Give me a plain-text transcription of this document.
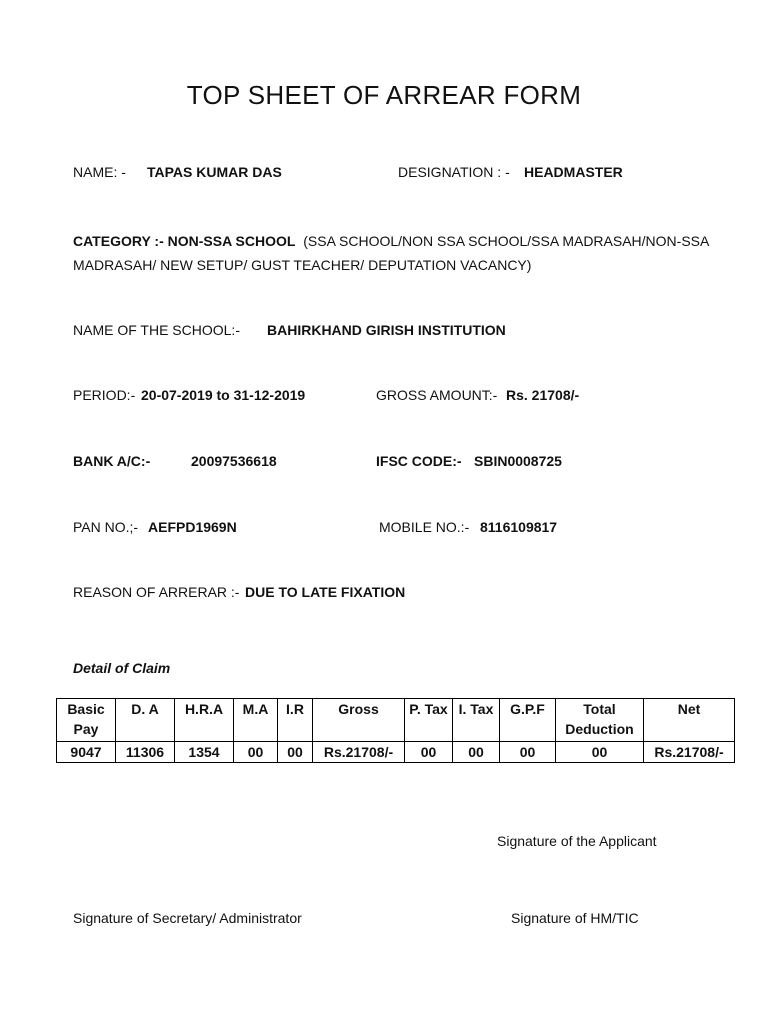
TOP SHEET OF ARREAR FORM
NAME: - TAPAS KUMAR DAS	DESIGNATION : - HEADMASTER
CATEGORY :- NON-SSA SCHOOL (SSA SCHOOL/NON SSA SCHOOL/SSA MADRASAH/NON-SSA MADRASAH/ NEW SETUP/ GUST TEACHER/ DEPUTATION VACANCY)
NAME OF THE SCHOOL:- BAHIRKHAND GIRISH INSTITUTION
PERIOD:- 20-07-2019 to 31-12-2019	GROSS AMOUNT:- Rs. 21708/-
BANK A/C:-	20097536618	IFSC CODE:- SBIN0008725
PAN NO.;- AEFPD1969N	MOBILE NO.:- 8116109817
REASON OF ARRERAR :- DUE TO LATE FIXATION
Detail of Claim
Basic Pay	D. A	H.R.A	M.A	I.R	Gross	P. Tax	I. Tax	G.P.F	Total Deduction	Net
9047	11306	1354	00	00	Rs.21708/-	00	00	00	00	Rs.21708/-
Signature of the Applicant
Signature of Secretary/ Administrator	Signature of HM/TIC
